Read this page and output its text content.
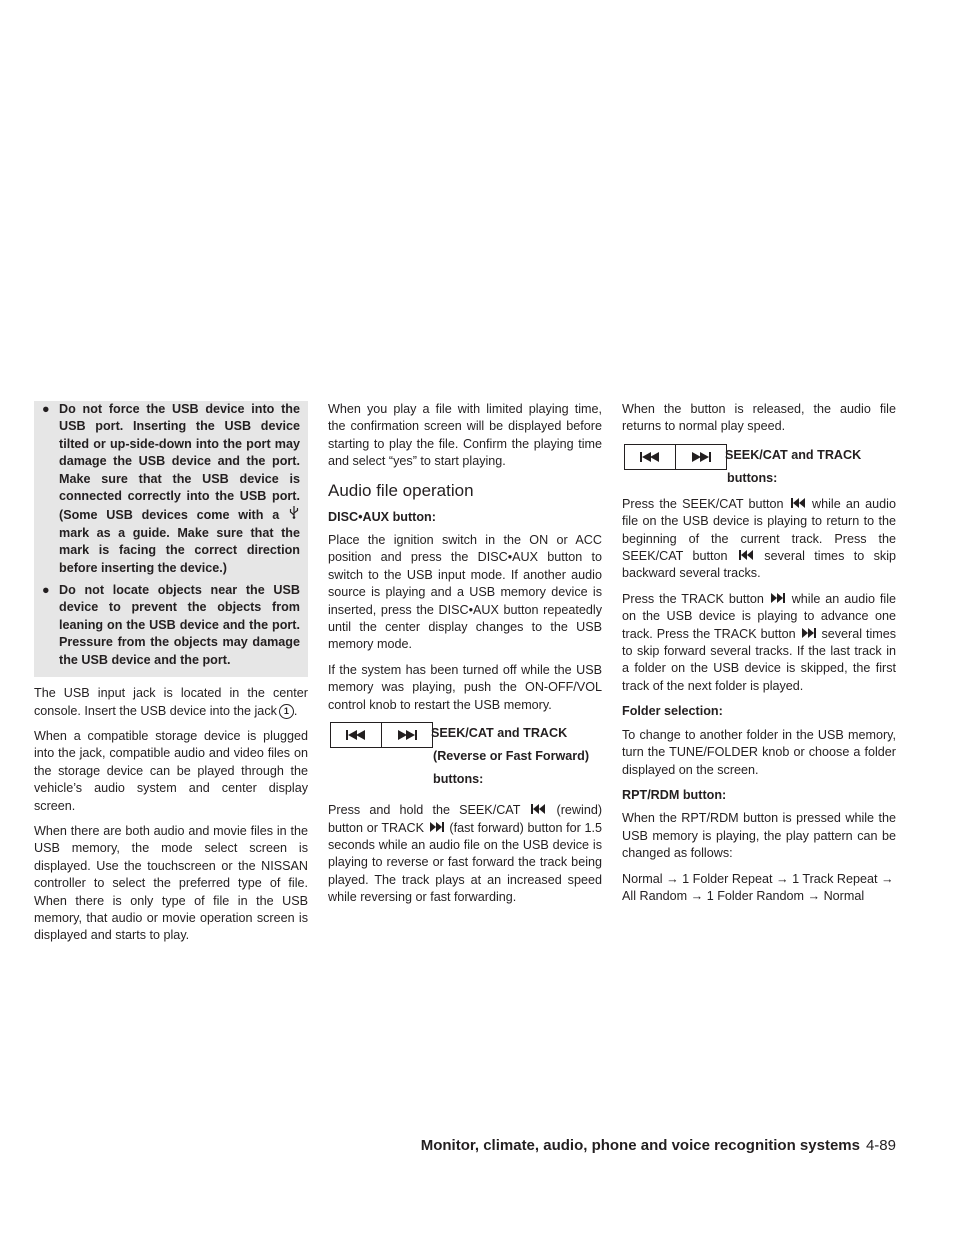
● Do not force the USB device into the USB port. Inserting the USB device tilted or up-side-down into the port may damage the USB device and the port. Make sure that the USB device is connected correctly into the USB port. (Some USB devices come with a  mark as a guide. Make sure that the mark is facing the correct direction before inserting the device.)
● Do not locate objects near the USB device to prevent the objects from leaning on the USB device and the port. Pressure from the objects may damage the USB device and the port.

The USB input jack is located in the center console. Insert the USB device into the jack 1 .

When a compatible storage device is plugged into the jack, compatible audio and video files on the storage device can be played through the vehicle’s audio system and center display screen.

When there are both audio and movie files in the USB memory, the mode select screen is displayed. Use the touchscreen or the NISSAN controller to select the preferred type of file. When there is only type of file in the USB memory, that audio or movie operation screen is displayed and starts to play.

When you play a file with limited playing time, the confirmation screen will be displayed before starting to play the file. Confirm the playing time and select “yes” to start playing.

Audio file operation
DISC•AUX button:

Place the ignition switch in the ON or ACC position and press the DISC•AUX button to switch to the USB input mode. If another audio source is playing and a USB memory device is inserted, press the DISC•AUX button repeatedly until the center display changes to the USB memory mode.

If the system has been turned off while the USB memory was playing, push the ON-OFF/VOL control knob to restart the USB memory.

SEEK/CAT and TRACK
(Reverse or Fast Forward)
buttons:

Press and hold the SEEK/CAT	(rewind) button or TRACK (fast forward) button for 1.5 seconds while an audio file on the USB device is playing to reverse or fast forward the track being played. The track plays at an increased speed while reversing or fast forwarding.

When the button is released, the audio file returns to normal play speed.

SEEK/CAT and TRACK
buttons:

Press the SEEK/CAT button while an audio file on the USB device is playing to return to the beginning of the current track. Press the SEEK/CAT button	several times to skip backward several tracks.

Press the TRACK button while an audio file on the USB device is playing to advance one track. Press the TRACK button several times to skip forward several tracks. If the last track in a folder on the USB device is skipped, the first track of the next folder is played.

Folder selection:

To change to another folder in the USB memory, turn the TUNE/FOLDER knob or choose a folder displayed on the screen.

RPT/RDM button:

When the RPT/RDM button is pressed while the USB memory is playing, the play pattern can be changed as follows:

Normal → 1 Folder Repeat → 1 Track Repeat → All Random → 1 Folder Random → Normal

Monitor, climate, audio, phone and voice recognition systems 4-89
